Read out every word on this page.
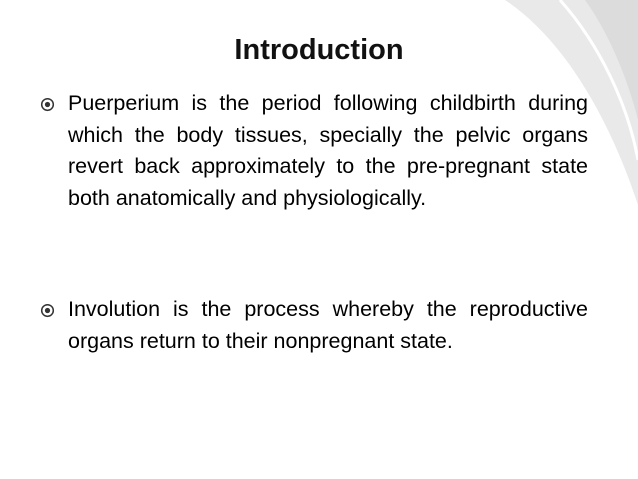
Introduction

Puerperium is the period following childbirth during which the body tissues, specially the pelvic organs revert back approximately to the pre-pregnant state both anatomically and physiologically.

Involution is the process whereby the reproductive organs return to their nonpregnant state.
